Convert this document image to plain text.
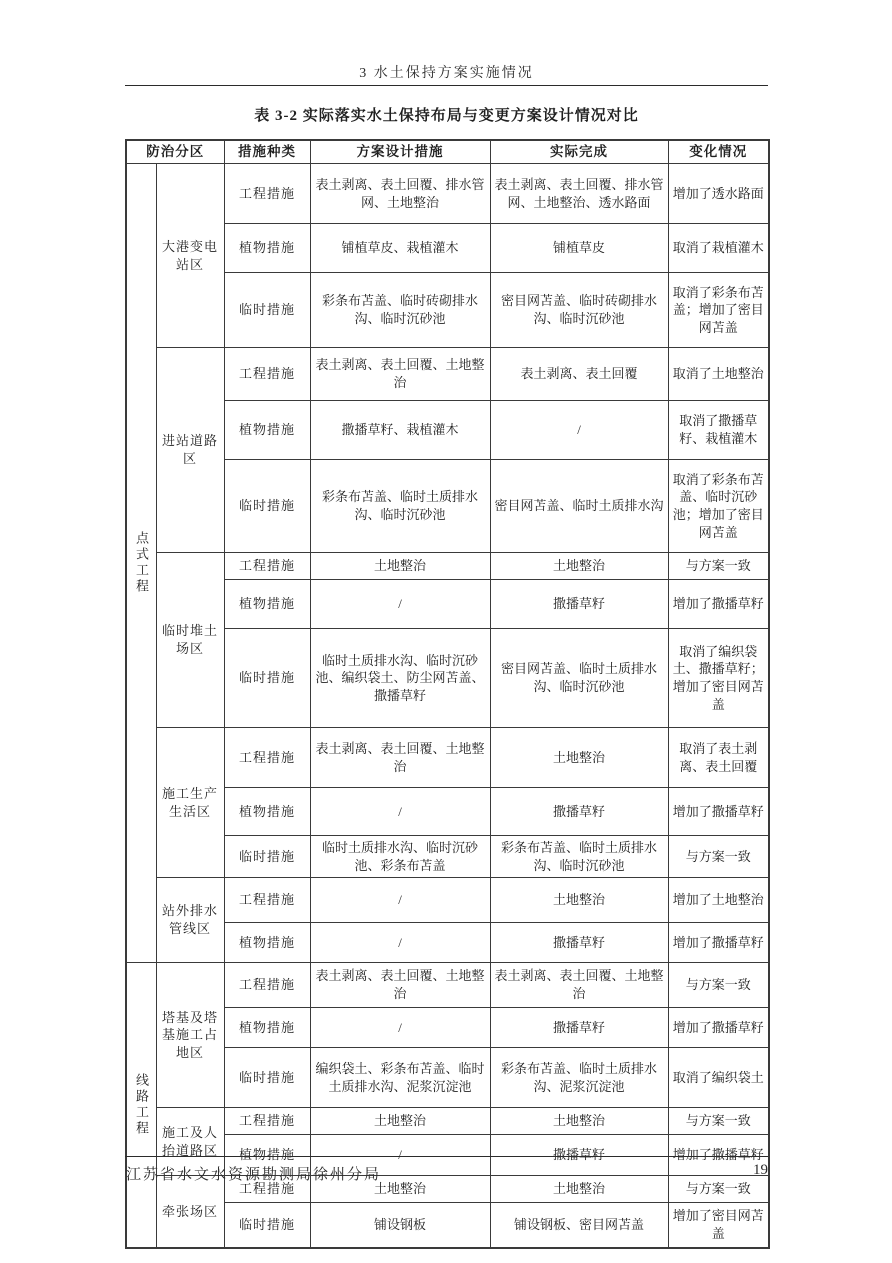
3 水土保持方案实施情况
表 3-2 实际落实水土保持布局与变更方案设计情况对比
防治分区		措施种类	方案设计措施	实际完成	变化情况
点式工程	大港变电站区	工程措施	表土剥离、表土回覆、排水管网、土地整治	表土剥离、表土回覆、排水管网、土地整治、透水路面	增加了透水路面
		植物措施	铺植草皮、栽植灌木	铺植草皮	取消了栽植灌木
		临时措施	彩条布苫盖、临时砖砌排水沟、临时沉砂池	密目网苫盖、临时砖砌排水沟、临时沉砂池	取消了彩条布苫盖；增加了密目网苫盖
	进站道路区	工程措施	表土剥离、表土回覆、土地整治	表土剥离、表土回覆	取消了土地整治
		植物措施	撒播草籽、栽植灌木	/	取消了撒播草籽、栽植灌木
		临时措施	彩条布苫盖、临时土质排水沟、临时沉砂池	密目网苫盖、临时土质排水沟	取消了彩条布苫盖、临时沉砂池；增加了密目网苫盖
	临时堆土场区	工程措施	土地整治	土地整治	与方案一致
		植物措施	/	撒播草籽	增加了撒播草籽
		临时措施	临时土质排水沟、临时沉砂池、编织袋土、防尘网苫盖、撒播草籽	密目网苫盖、临时土质排水沟、临时沉砂池	取消了编织袋土、撒播草籽；增加了密目网苫盖
	施工生产生活区	工程措施	表土剥离、表土回覆、土地整治	土地整治	取消了表土剥离、表土回覆
		植物措施	/	撒播草籽	增加了撒播草籽
		临时措施	临时土质排水沟、临时沉砂池、彩条布苫盖	彩条布苫盖、临时土质排水沟、临时沉砂池	与方案一致
	站外排水管线区	工程措施	/	土地整治	增加了土地整治
		植物措施	/	撒播草籽	增加了撒播草籽
线路工程	塔基及塔基施工占地区	工程措施	表土剥离、表土回覆、土地整治	表土剥离、表土回覆、土地整治	与方案一致
		植物措施	/	撒播草籽	增加了撒播草籽
		临时措施	编织袋土、彩条布苫盖、临时土质排水沟、泥浆沉淀池	彩条布苫盖、临时土质排水沟、泥浆沉淀池	取消了编织袋土
	施工及人抬道路区	工程措施	土地整治	土地整治	与方案一致
		植物措施	/	撒播草籽	增加了撒播草籽
	牵张场区	工程措施	土地整治	土地整治	与方案一致
		临时措施	铺设钢板	铺设钢板、密目网苫盖	增加了密目网苫盖
江苏省水文水资源勘测局徐州分局	19
